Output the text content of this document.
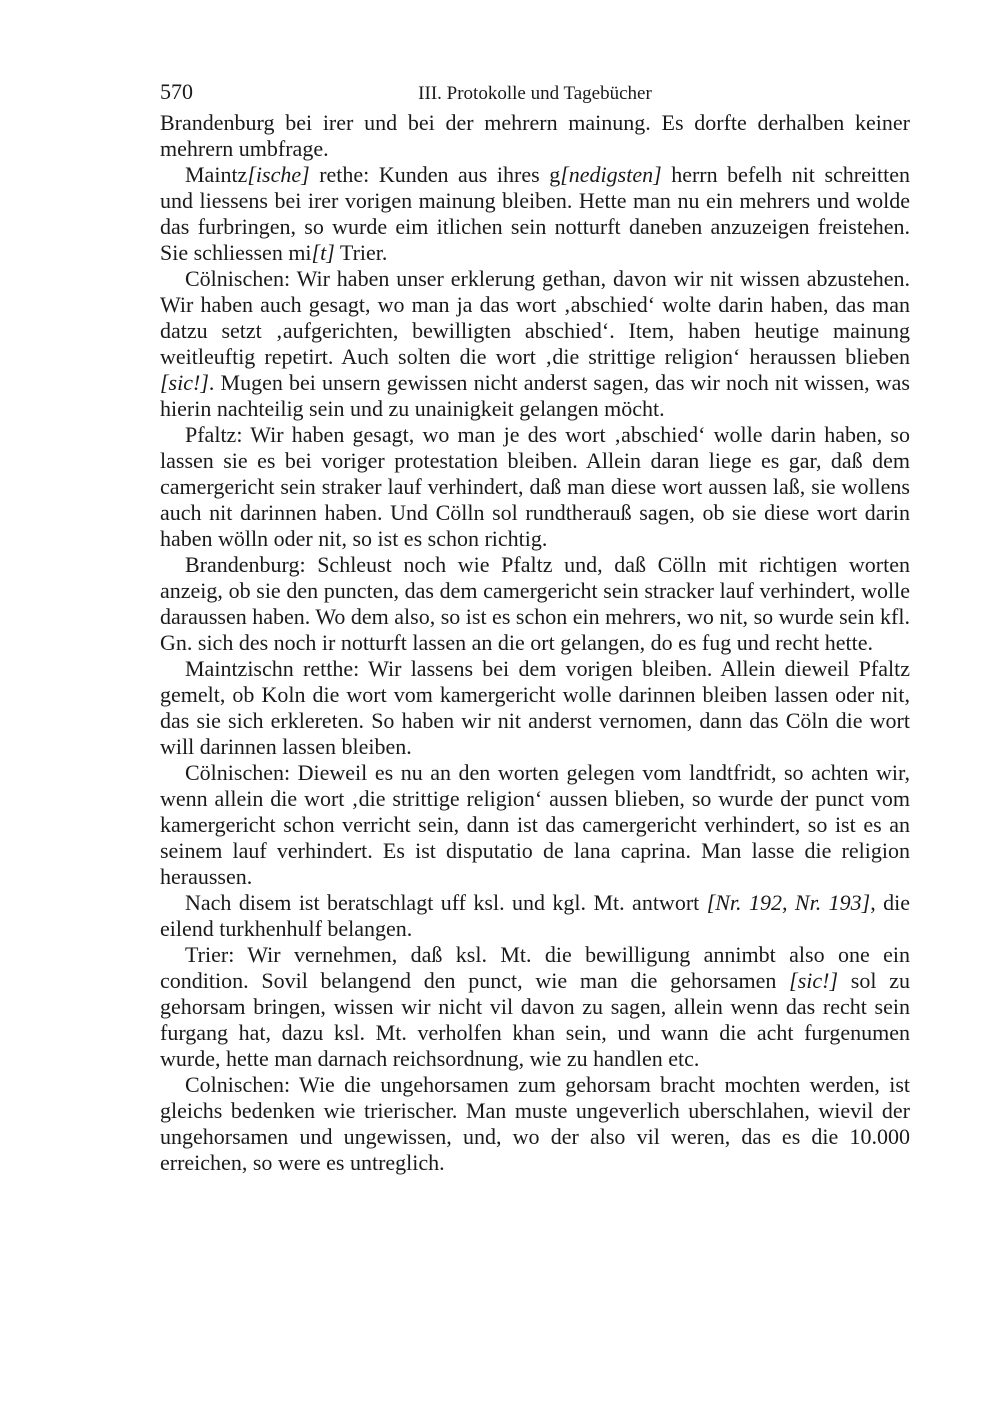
570	III. Protokolle und Tagebücher

Brandenburg bei irer und bei der mehrern mainung. Es dorfte derhalben keiner mehrern umbfrage.

Maintz[ische] rethe: Kunden aus ihres g[nedigsten] herrn befelh nit schreitten und liessens bei irer vorigen mainung bleiben. Hette man nu ein mehrers und wolde das furbringen, so wurde eim itlichen sein notturft daneben anzuzeigen freistehen. Sie schliessen mi[t] Trier.

Cölnischen: Wir haben unser erklerung gethan, davon wir nit wissen abzustehen. Wir haben auch gesagt, wo man ja das wort ‚abschied‘ wolte darin haben, das man datzu setzt ‚aufgerichten, bewilligten abschied‘. Item, haben heutige mainung weitleuftig repetirt. Auch solten die wort ‚die strittige religion‘ heraussen blieben [sic!]. Mugen bei unsern gewissen nicht anderst sagen, das wir noch nit wissen, was hierin nachteilig sein und zu unainigkeit gelangen möcht.

Pfaltz: Wir haben gesagt, wo man je des wort ‚abschied‘ wolle darin haben, so lassen sie es bei voriger protestation bleiben. Allein daran liege es gar, daß dem camergericht sein straker lauf verhindert, daß man diese wort aussen laß, sie wollens auch nit darinnen haben. Und Cölln sol rundtherauß sagen, ob sie diese wort darin haben wölln oder nit, so ist es schon richtig.

Brandenburg: Schleust noch wie Pfaltz und, daß Cölln mit richtigen worten anzeig, ob sie den puncten, das dem camergericht sein stracker lauf verhindert, wolle daraussen haben. Wo dem also, so ist es schon ein mehrers, wo nit, so wurde sein kfl. Gn. sich des noch ir notturft lassen an die ort gelangen, do es fug und recht hette.

Maintzischn retthe: Wir lassens bei dem vorigen bleiben. Allein dieweil Pfaltz gemelt, ob Koln die wort vom kamergericht wolle darinnen bleiben lassen oder nit, das sie sich erklereten. So haben wir nit anderst vernomen, dann das Cöln die wort will darinnen lassen bleiben.

Cölnischen: Dieweil es nu an den worten gelegen vom landtfridt, so achten wir, wenn allein die wort ‚die strittige religion‘ aussen blieben, so wurde der punct vom kamergericht schon verricht sein, dann ist das camergericht verhindert, so ist es an seinem lauf verhindert. Es ist disputatio de lana caprina. Man lasse die religion heraussen.

Nach disem ist beratschlagt uff ksl. und kgl. Mt. antwort [Nr. 192, Nr. 193], die eilend turkhenhulf belangen.

Trier: Wir vernehmen, daß ksl. Mt. die bewilligung annimbt also one ein condition. Sovil belangend den punct, wie man die gehorsamen [sic!] sol zu gehorsam bringen, wissen wir nicht vil davon zu sagen, allein wenn das recht sein furgang hat, dazu ksl. Mt. verholfen khan sein, und wann die acht furgenumen wurde, hette man darnach reichsordnung, wie zu handlen etc.

Colnischen: Wie die ungehorsamen zum gehorsam bracht mochten werden, ist gleichs bedenken wie trierischer. Man muste ungeverlich uberschlahen, wievil der ungehorsamen und ungewissen, und, wo der also vil weren, das es die 10.000 erreichen, so were es untreglich.
